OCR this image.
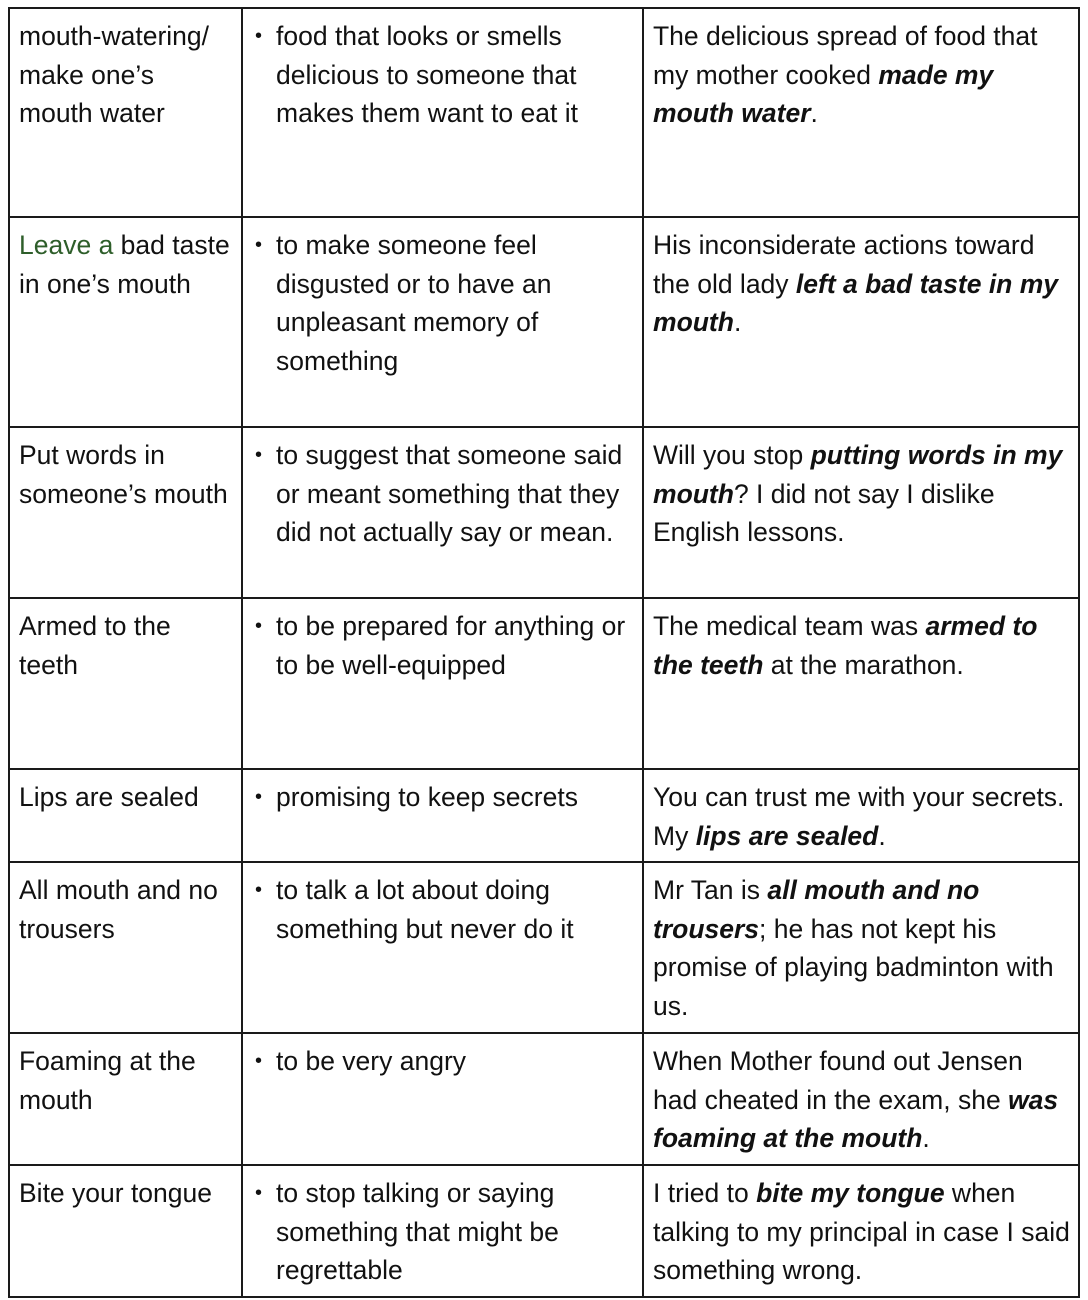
mouth-watering/ make one’s mouth water	• food that looks or smells delicious to someone that makes them want to eat it	The delicious spread of food that my mother cooked made my mouth water.
Leave a bad taste in one’s mouth	• to make someone feel disgusted or to have an unpleasant memory of something	His inconsiderate actions toward the old lady left a bad taste in my mouth.
Put words in someone’s mouth	• to suggest that someone said or meant something that they did not actually say or mean.	Will you stop putting words in my mouth? I did not say I dislike English lessons.
Armed to the teeth	• to be prepared for anything or to be well-equipped	The medical team was armed to the teeth at the marathon.
Lips are sealed	• promising to keep secrets	You can trust me with your secrets. My lips are sealed.
All mouth and no trousers	• to talk a lot about doing something but never do it	Mr Tan is all mouth and no trousers; he has not kept his promise of playing badminton with us.
Foaming at the mouth	• to be very angry	When Mother found out Jensen had cheated in the exam, she was foaming at the mouth.
Bite your tongue	• to stop talking or saying something that might be regrettable	I tried to bite my tongue when talking to my principal in case I said something wrong.
